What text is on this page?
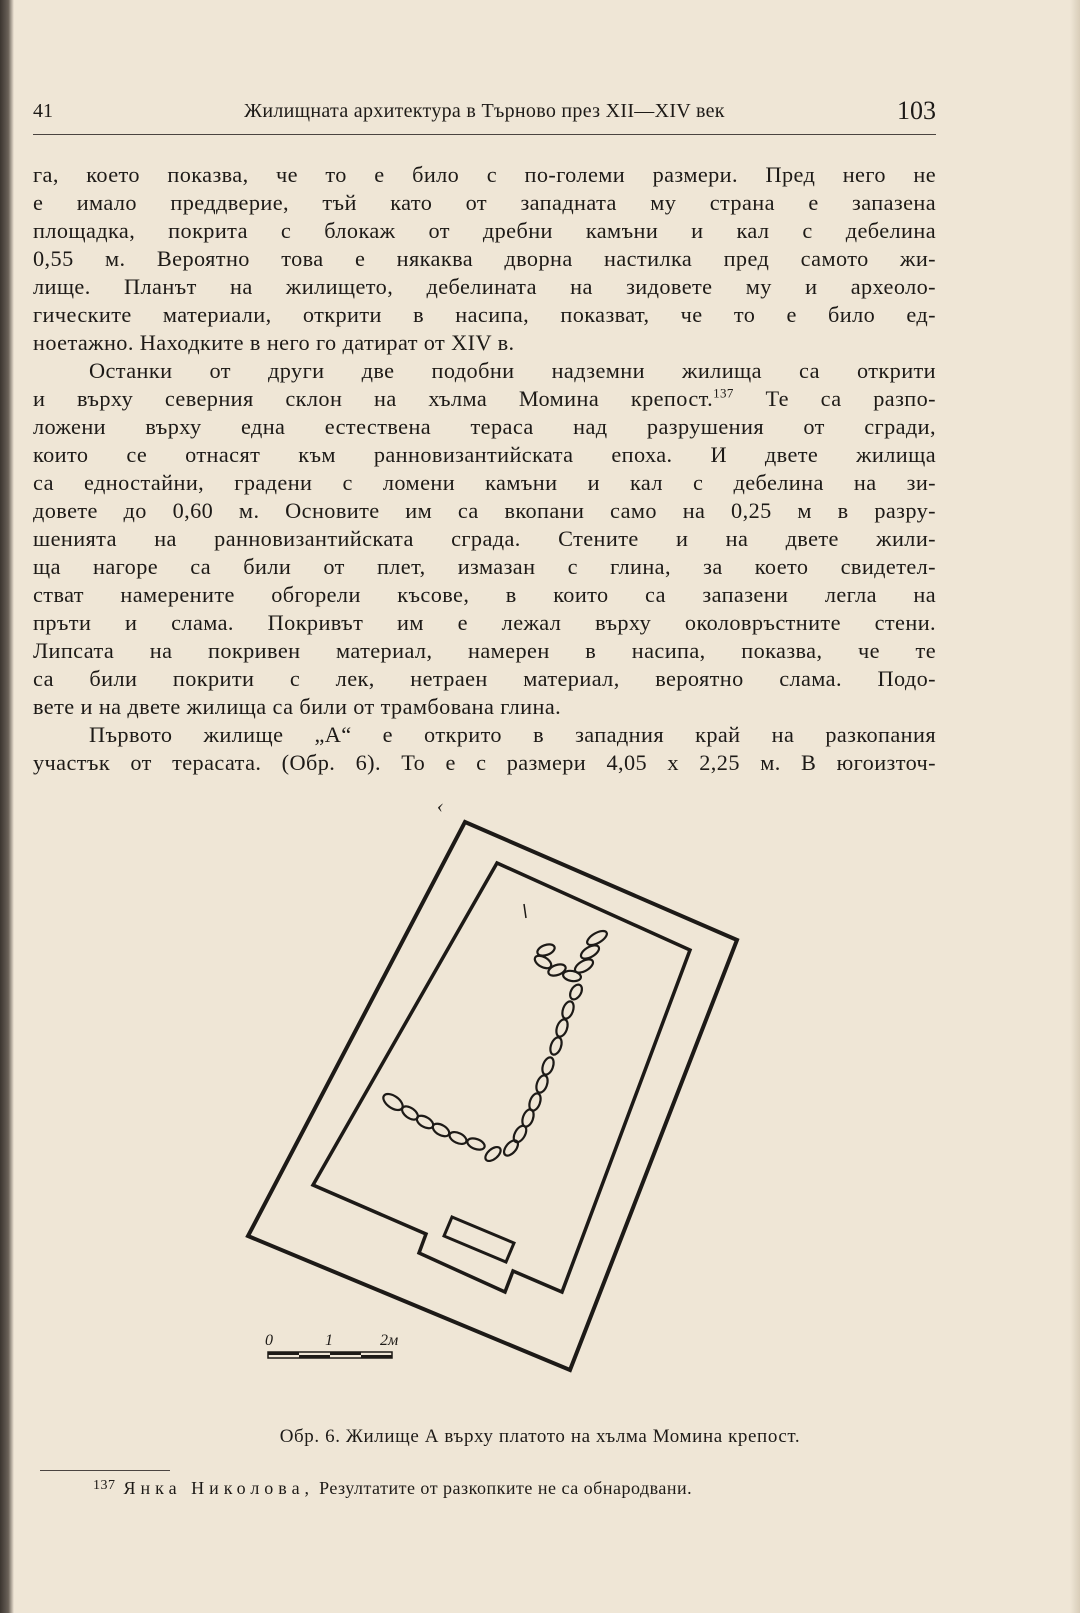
41	Жилищната архитектура в Търново през XII—XIV век	103
га, което показва, че то е било с по-големи размери. Пред него не
е имало преддверие, тъй като от западната му страна е запазена
площадка, покрита с блокаж от дребни камъни и кал с дебелина
0,55 м. Вероятно това е някаква дворна настилка пред самото жи-
лище. Планът на жилището, дебелината на зидовете му и археоло-
гическите материали, открити в насипа, показват, че то е било ед-
ноетажно. Находките в него го датират от XIV в.
Останки от други две подобни надземни жилища са открити
и върху северния склон на хълма Момина крепост.$^{137}$ Те са разпо-
ложени върху една естествена тераса над разрушения от сгради,
които се отнасят към ранновизантийската епоха. И двете жилища
са едностайни, градени с ломени камъни и кал с дебелина на зи-
довете до 0,60 м. Основите им са вкопани само на 0,25 м в разру-
шенията на ранновизантийската сграда. Стените и на двете жили-
ща нагоре са били от плет, измазан с глина, за което свидетел-
стват намерените обгорели късове, в които са запазени легла на
пръти и слама. Покривът им е лежал върху околовръстните стени.
Липсата на покривен материал, намерен в насипа, показва, че те
са били покрити с лек, нетраен материал, вероятно слама. Подо-
вете и на двете жилища са били от трамбована глина.
Първото жилище „А“ е открито в западния край на разкопания
участък от терасата. (Обр. 6). То е с размери 4,05 х 2,25 м. В югоизточ-
‹
0	1	2м
Обр. 6. Жилище А върху платото на хълма Момина крепост.
$^{137}$ Янка Николова, Резултатите от разкопките не са обнародвани.
